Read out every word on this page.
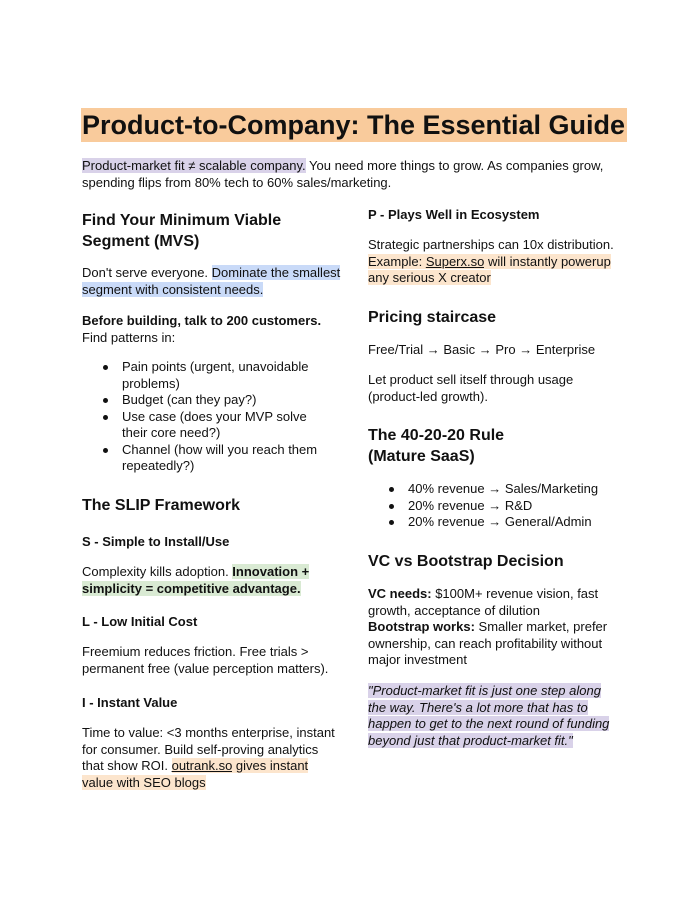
Product-to-Company: The Essential Guide

Product-market fit ≠ scalable company. You need more things to grow. As companies grow, spending flips from 80% tech to 60% sales/marketing.

Find Your Minimum Viable Segment (MVS)
Don't serve everyone. Dominate the smallest segment with consistent needs.
Before building, talk to 200 customers. Find patterns in:
Pain points (urgent, unavoidable problems)
Budget (can they pay?)
Use case (does your MVP solve their core need?)
Channel (how will you reach them repeatedly?)
The SLIP Framework
S - Simple to Install/Use
Complexity kills adoption. Innovation + simplicity = competitive advantage.
L - Low Initial Cost
Freemium reduces friction. Free trials > permanent free (value perception matters).
I - Instant Value
Time to value: <3 months enterprise, instant for consumer. Build self-proving analytics that show ROI. outrank.so gives instant value with SEO blogs
P - Plays Well in Ecosystem
Strategic partnerships can 10x distribution.
Example: Superx.so will instantly powerup any serious X creator
Pricing staircase
Free/Trial → Basic → Pro → Enterprise
Let product sell itself through usage (product-led growth).
The 40-20-20 Rule
(Mature SaaS)
40% revenue → Sales/Marketing
20% revenue → R&D
20% revenue → General/Admin
VC vs Bootstrap Decision
VC needs: $100M+ revenue vision, fast growth, acceptance of dilution
Bootstrap works: Smaller market, prefer ownership, can reach profitability without major investment
"Product-market fit is just one step along the way. There's a lot more that has to happen to get to the next round of funding beyond just that product-market fit."
